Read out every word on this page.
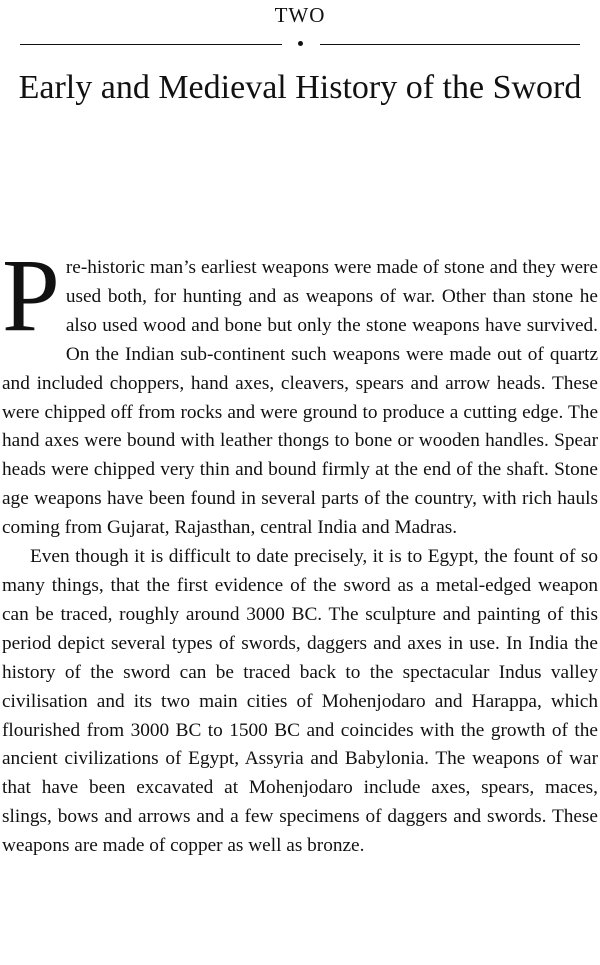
TWO
Early and Medieval History of the Sword

Pre-historic man’s earliest weapons were made of stone and they were used both, for hunting and as weapons of war. Other than stone he also used wood and bone but only the stone weapons have survived. On the Indian sub-continent such weapons were made out of quartz and included choppers, hand axes, cleavers, spears and arrow heads. These were chipped off from rocks and were ground to produce a cutting edge. The hand axes were bound with leather thongs to bone or wooden handles. Spear heads were chipped very thin and bound firmly at the end of the shaft. Stone age weapons have been found in several parts of the country, with rich hauls coming from Gujarat, Rajasthan, central India and Madras.

Even though it is difficult to date precisely, it is to Egypt, the fount of so many things, that the first evidence of the sword as a metal-edged weapon can be traced, roughly around 3000 BC. The sculpture and painting of this period depict several types of swords, daggers and axes in use. In India the history of the sword can be traced back to the spectacular Indus valley civilisation and its two main cities of Mohenjodaro and Harappa, which flourished from 3000 BC to 1500 BC and coincides with the growth of the ancient civilizations of Egypt, Assyria and Babylonia. The weapons of war that have been excavated at Mohenjodaro include axes, spears, maces, slings, bows and arrows and a few specimens of daggers and swords. These weapons are made of copper as well as bronze.
